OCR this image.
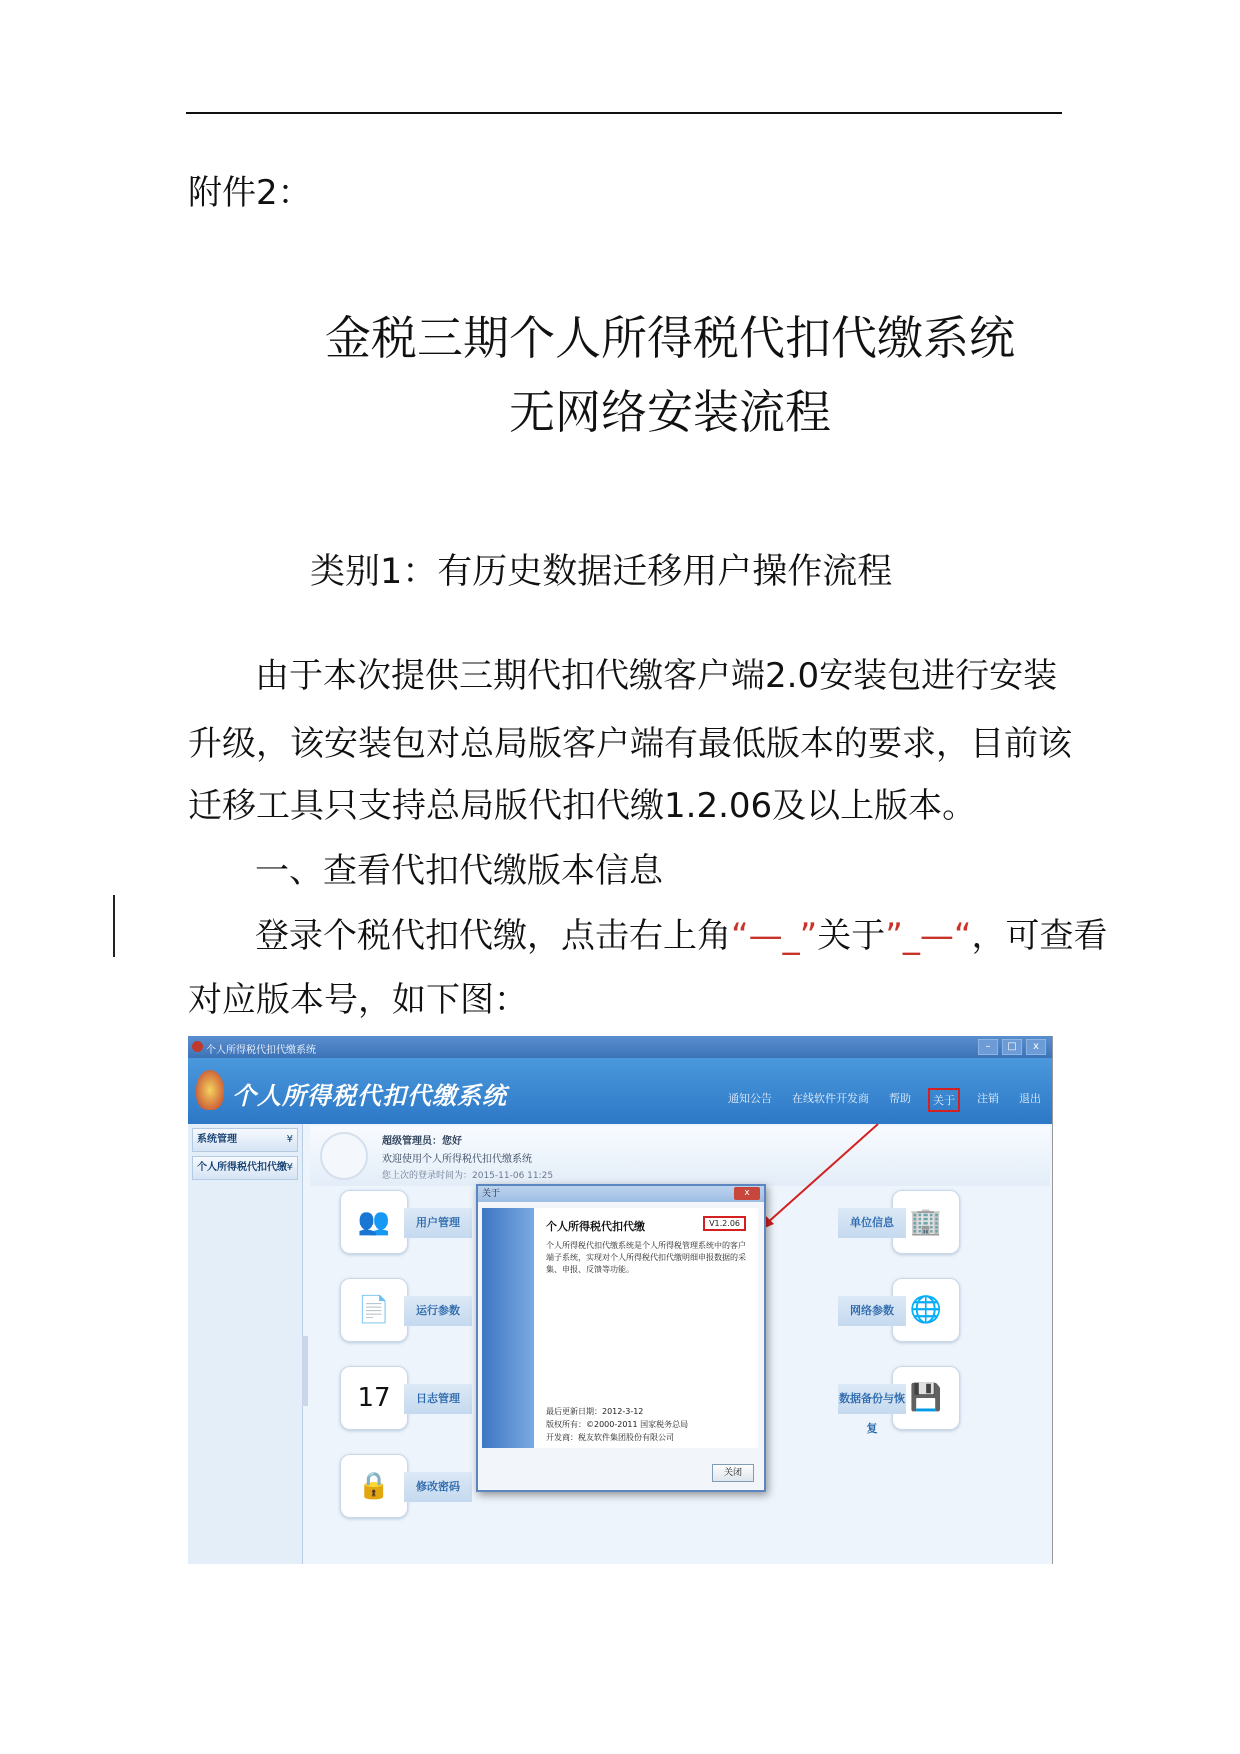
附件2：
金税三期个人所得税代扣代缴系统
无网络安装流程
类别1：有历史数据迁移用户操作流程
由于本次提供三期代扣代缴客户端2.0安装包进行安装
升级，该安装包对总局版客户端有最低版本的要求，目前该
迁移工具只支持总局版代扣代缴1.2.06及以上版本。
一、查看代扣代缴版本信息
登录个税代扣代缴，点击右上角“—_”关于”_—“，可查看
对应版本号，如下图：
个人所得税代扣代缴系统	–	□	x
个人所得税代扣代缴系统	通知公告 在线软件开发商 帮助	关于	注销 退出
系统管理	¥
个人所得税代扣代缴 ¥
超级管理员：您好
欢迎使用个人所得税代扣代缴系统
您上次的登录时间为：2015-11-06 11:25
👥	用户管理
📄	运行参数
17	日志管理
🔒	修改密码
🏢
单位信息
🌐
网络参数
💾
数据备份与恢复
关于	x
个人所得税代扣代缴	V1.2.06
个人所得税代扣代缴系统是个人所得税管理系统中的客户端子系统，实现对个人所得税代扣代缴明细申报数据的采集、申报、反馈等功能。
最后更新日期：2012-3-12
版权所有：©2000-2011 国家税务总局
开发商：税友软件集团股份有限公司
关闭
